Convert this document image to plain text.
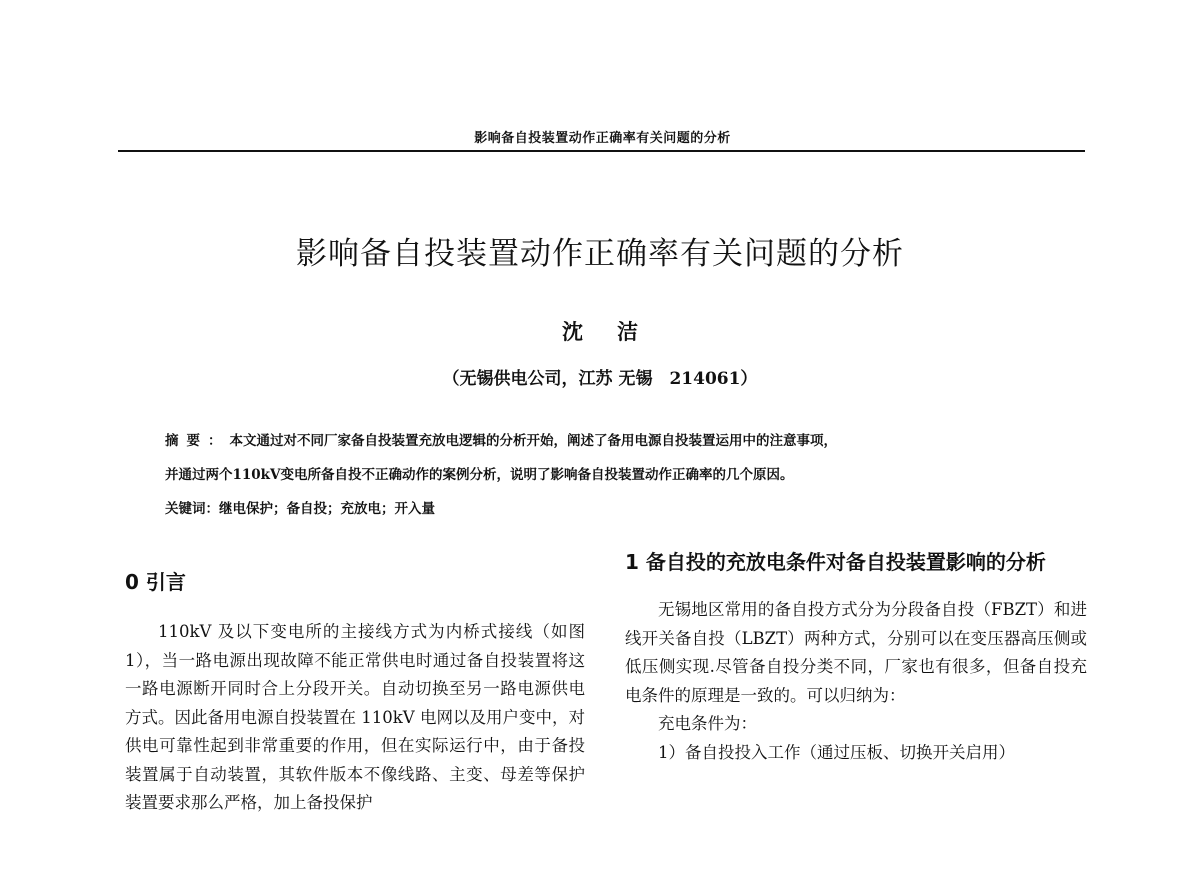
影响备自投装置动作正确率有关问题的分析
影响备自投装置动作正确率有关问题的分析
沈洁
（无锡供电公司，江苏 无锡　214061）
摘要：本文通过对不同厂家备自投装置充放电逻辑的分析开始，阐述了备用电源自投装置运用中的注意事项，
并通过两个110kV变电所备自投不正确动作的案例分析，说明了影响备自投装置动作正确率的几个原因。
关键词：继电保护；备自投；充放电；开入量
0 引言

110kV 及以下变电所的主接线方式为内桥式接线（如图 1），当一路电源出现故障不能正常供电时通过备自投装置将这一路电源断开同时合上分段开关。自动切换至另一路电源供电方式。因此备用电源自投装置在 110kV 电网以及用户变中，对供电可靠性起到非常重要的作用，但在实际运行中，由于备投装置属于自动装置，其软件版本不像线路、主变、母差等保护装置要求那么严格，加上备投保护

1 备自投的充放电条件对备自投装置影响的分析

无锡地区常用的备自投方式分为分段备自投（FBZT）和进线开关备自投（LBZT）两种方式，分别可以在变压器高压侧或低压侧实现.尽管备自投分类不同，厂家也有很多，但备自投充电条件的原理是一致的。可以归纳为：

充电条件为：

1）备自投投入工作（通过压板、切换开关启用）
